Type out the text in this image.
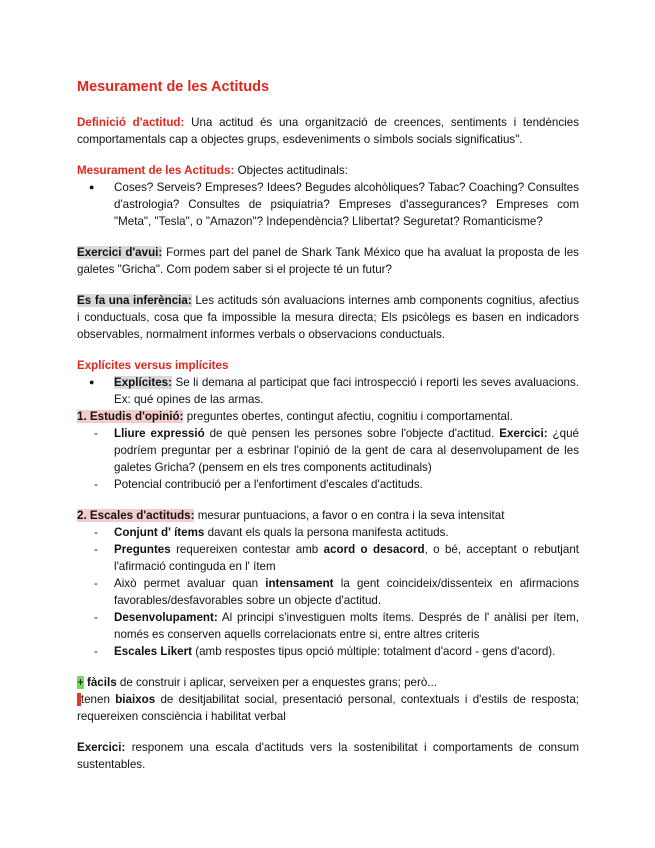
Mesurament de les Actituds

Definició d'actitud: Una actitud és una organització de creences, sentiments i tendències comportamentals cap a objectes grups, esdeveniments o símbols socials significatius".

Mesurament de les Actituds: Objectes actitudinals:

● Coses? Serveis? Empreses? Idees? Begudes alcohòliques? Tabac? Coaching? Consultes d'astrologia? Consultes de psiquiatria? Empreses d'assegurances? Empreses com "Meta", "Tesla", o "Amazon"? Independència? Llibertat? Seguretat? Romanticisme?

Exercici d'avui: Formes part del panel de Shark Tank México que ha avaluat la proposta de les galetes "Gricha". Com podem saber si el projecte té un futur?

Es fa una inferència: Les actituds són avaluacions internes amb components cognitius, afectius i conductuals, cosa que fa impossible la mesura directa; Els psicòlegs es basen en indicadors observables, normalment informes verbals o observacions conductuals.

Explícites versus implícites

● Explícites: Se li demana al participat que faci introspecció i reporti les seves avaluacions. Ex: qué opines de las armas.

1. Estudis d'opinió: preguntes obertes, contingut afectiu, cognitiu i comportamental.

- Lliure expressió de què pensen les persones sobre l'objecte d'actitud. Exercici: ¿qué podríem preguntar per a esbrinar l'opinió de la gent de cara al desenvolupament de les galetes Gricha? (pensem en els tres components actitudinals)
- Potencial contribució per a l'enfortiment d'escales d'actituds.

2. Escales d'actituds: mesurar puntuacions, a favor o en contra i la seva intensitat

- Conjunt d' ítems davant els quals la persona manifesta actituds.
- Preguntes requereixen contestar amb acord o desacord, o bé, acceptant o rebutjant l'afirmació continguda en l' ítem
- Això permet avaluar quan intensament la gent coincideix/dissenteix en afirmacions favorables/desfavorables sobre un objecte d'actitud.
- Desenvolupament: Al principi s'investiguen molts ítems. Després de l' anàlisi per ítem, només es conserven aquells correlacionats entre si, entre altres criteris
- Escales Likert (amb respostes tipus opció múltiple: totalment d'acord - gens d'acord).

+ fàcils de construir i aplicar, serveixen per a enquestes grans; però...

-tenen biaixos de desitjabilitat social, presentació personal, contextuals i d'estils de resposta; requereixen consciència i habilitat verbal

Exercici: responem una escala d'actituds vers la sostenibilitat i comportaments de consum sustentables.
